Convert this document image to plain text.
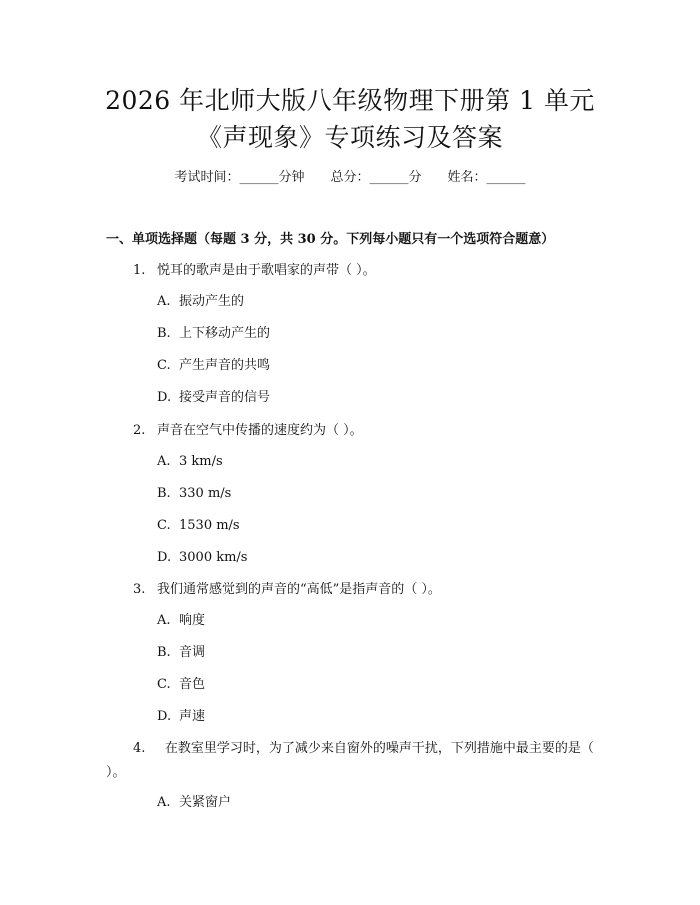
2026 年北师大版八年级物理下册第 1 单元
《声现象》专项练习及答案
考试时间：______分钟 总分：______分 姓名：______
一、单项选择题（每题 3 分，共 30 分。下列每小题只有一个选项符合题意）
1. 悦耳的歌声是由于歌唱家的声带（ ）。
A. 振动产生的
B. 上下移动产生的
C. 产生声音的共鸣
D. 接受声音的信号
2. 声音在空气中传播的速度约为（ ）。
A. 3 km/s
B. 330 m/s
C. 1530 m/s
D. 3000 km/s
3. 我们通常感觉到的声音的“高低”是指声音的（ ）。
A. 响度
B. 音调
C. 音色
D. 声速
4.   在教室里学习时，为了减少来自窗外的噪声干扰，下列措施中最主要的是（ ）。
A. 关紧窗户
